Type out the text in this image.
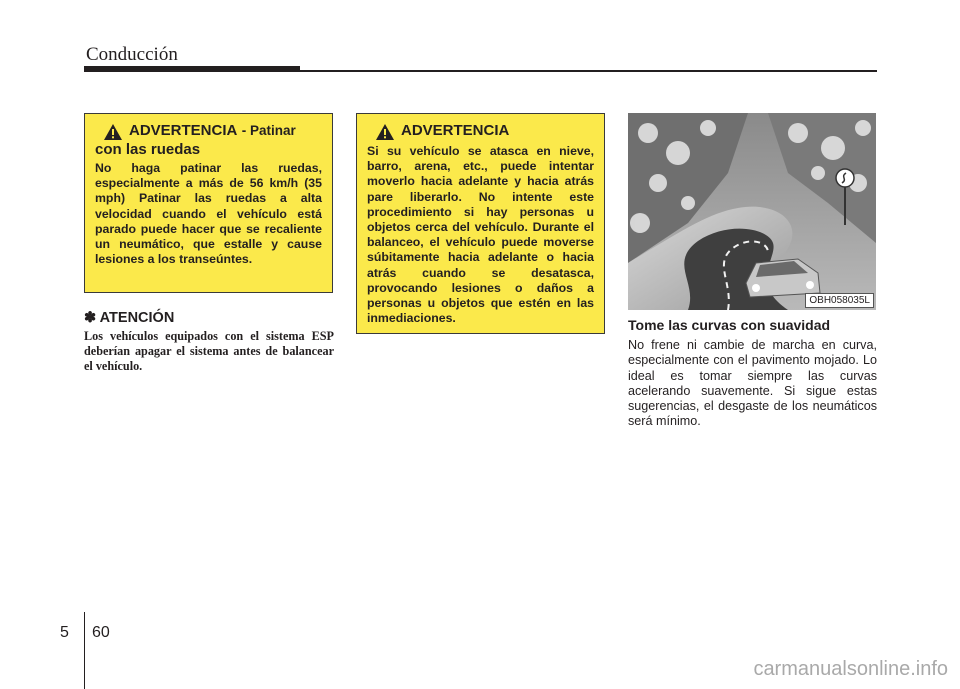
Conducción
ADVERTENCIA - Patinar
con las ruedas
No haga patinar las ruedas, especialmente a más de 56 km/h (35 mph) Patinar las ruedas a alta velocidad cuando el vehículo está parado puede hacer que se recaliente un neumático, que estalle y cause lesiones a los transeúntes.
ADVERTENCIA
Si su vehículo se atasca en nieve, barro, arena, etc., puede intentar moverlo hacia adelante y hacia atrás pare liberarlo. No intente este procedimiento si hay personas u objetos cerca del vehículo. Durante el balanceo, el vehículo puede moverse súbitamente hacia adelante o hacia atrás cuando se desatasca, provocando lesiones o daños a personas u objetos que estén en las inmediaciones.
✽ ATENCIÓN
Los vehículos equipados con el sistema ESP deberían apagar el sistema antes de balancear el vehículo.
OBH058035L
Tome las curvas con suavidad

No frene ni cambie de marcha en curva, especialmente con el pavimento mojado. Lo ideal es tomar siempre las curvas acelerando suavemente. Si sigue estas sugerencias, el desgaste de los neumáticos será mínimo.

5 60
carmanualsonline.info
